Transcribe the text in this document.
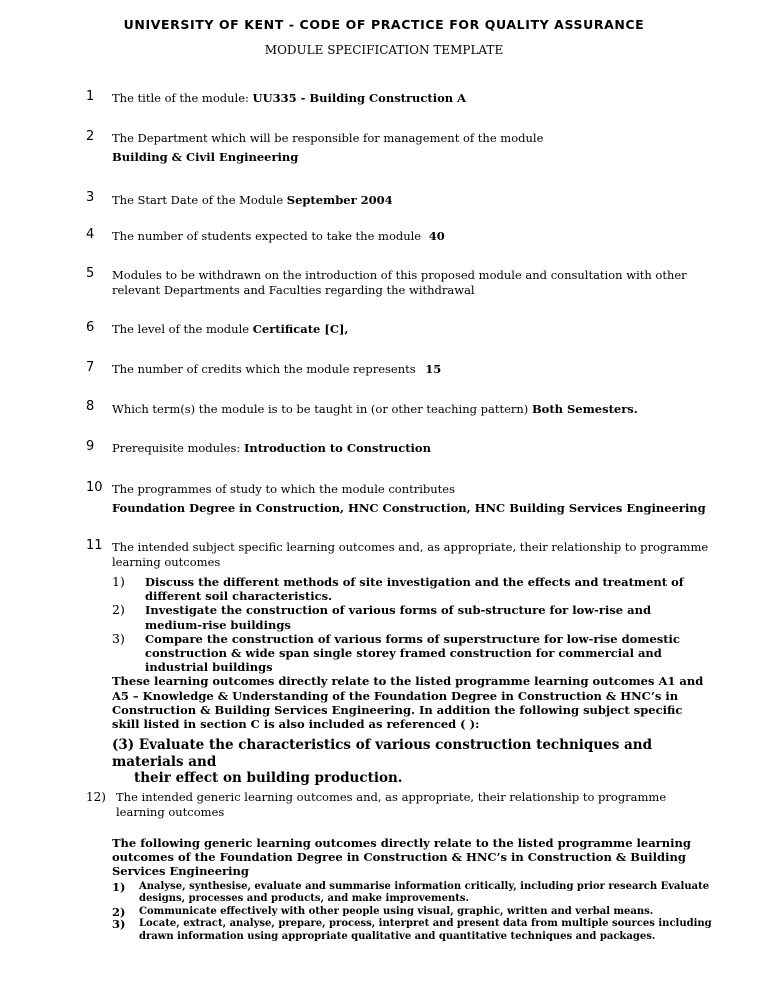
UNIVERSITY OF KENT - CODE OF PRACTICE FOR QUALITY ASSURANCE
MODULE SPECIFICATION TEMPLATE
1 The title of the module: UU335 - Building Construction A
2 The Department which will be responsible for management of the module
Building & Civil Engineering
3 The Start Date of the Module September 2004
4 The number of students expected to take the module 40
5 Modules to be withdrawn on the introduction of this proposed module and consultation with other relevant Departments and Faculties regarding the withdrawal
6 The level of the module Certificate [C],
7 The number of credits which the module represents 15
8 Which term(s) the module is to be taught in (or other teaching pattern) Both Semesters.
9 Prerequisite modules: Introduction to Construction
10 The programmes of study to which the module contributes
Foundation Degree in Construction, HNC Construction, HNC Building Services Engineering
11 The intended subject specific learning outcomes and, as appropriate, their relationship to programme learning outcomes
1)	Discuss the different methods of site investigation and the effects and treatment of different soil characteristics.
2)	Investigate the construction of various forms of sub-structure for low-rise and medium-rise buildings
3)	Compare the construction of various forms of superstructure for low-rise domestic construction & wide span single storey framed construction for commercial and industrial buildings
These learning outcomes directly relate to the listed programme learning outcomes A1 and A5 – Knowledge & Understanding of the Foundation Degree in Construction & HNC’s in Construction & Building Services Engineering. In addition the following subject specific skill listed in section C is also included as referenced ( ):
(3) Evaluate the characteristics of various construction techniques and materials and
their effect on building production.
12) The intended generic learning outcomes and, as appropriate, their relationship to programme learning outcomes
The following generic learning outcomes directly relate to the listed programme learning outcomes of the Foundation Degree in Construction & HNC’s in Construction & Building Services Engineering
1)	Analyse, synthesise, evaluate and summarise information critically, including prior research Evaluate designs, processes and products, and make improvements.
2)	Communicate effectively with other people using visual, graphic, written and verbal means.
3)	Locate, extract, analyse, prepare, process, interpret and present data from multiple sources including drawn information using appropriate qualitative and quantitative techniques and packages.
